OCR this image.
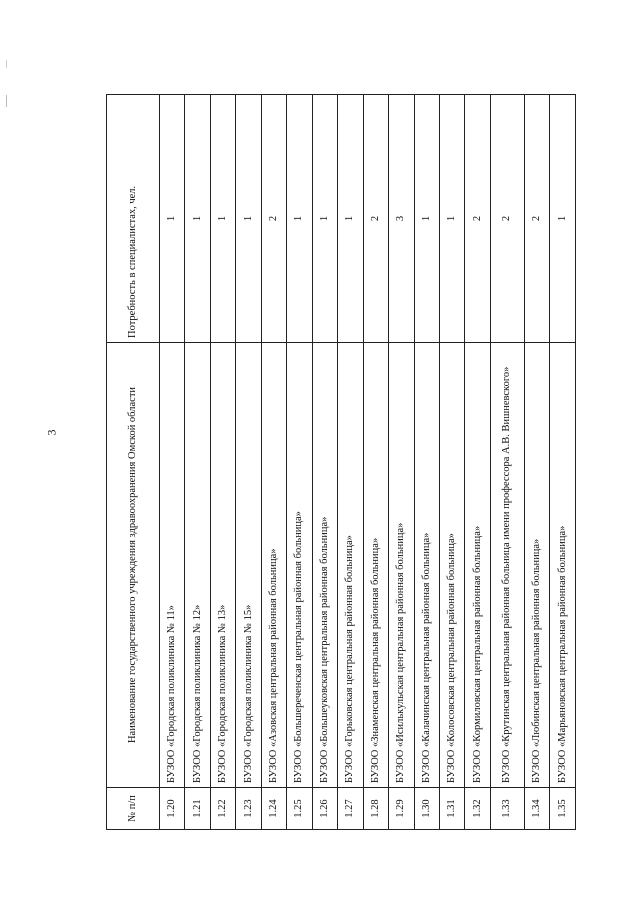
3
№ п/п	Наименование государственного учреждения здравоохранения Омской области	Потребность в специалистах, чел.
1.20	БУЗОО «Городская поликлиника № 11»	1
1.21	БУЗОО «Городская поликлиника № 12»	1
1.22	БУЗОО «Городская поликлиника № 13»	1
1.23	БУЗОО «Городская поликлиника № 15»	1
1.24	БУЗОО «Азовская центральная районная больница»	2
1.25	БУЗОО «Большереченская центральная районная больница»	1
1.26	БУЗОО «Большеуковская центральная районная больница»	1
1.27	БУЗОО «Горьковская центральная районная больница»	1
1.28	БУЗОО «Знаменская центральная районная больница»	2
1.29	БУЗОО «Исилькульская центральная районная больница»	3
1.30	БУЗОО «Калачинская центральная районная больница»	1
1.31	БУЗОО «Колосовская центральная районная больница»	1
1.32	БУЗОО «Кормиловская центральная районная больница»	2
1.33	БУЗОО «Крутинская центральная районная больница имени профессора А.В. Вишневского»	2
1.34	БУЗОО «Любинская центральная районная больница»	2
1.35	БУЗОО «Марьяновская центральная районная больница»	1
